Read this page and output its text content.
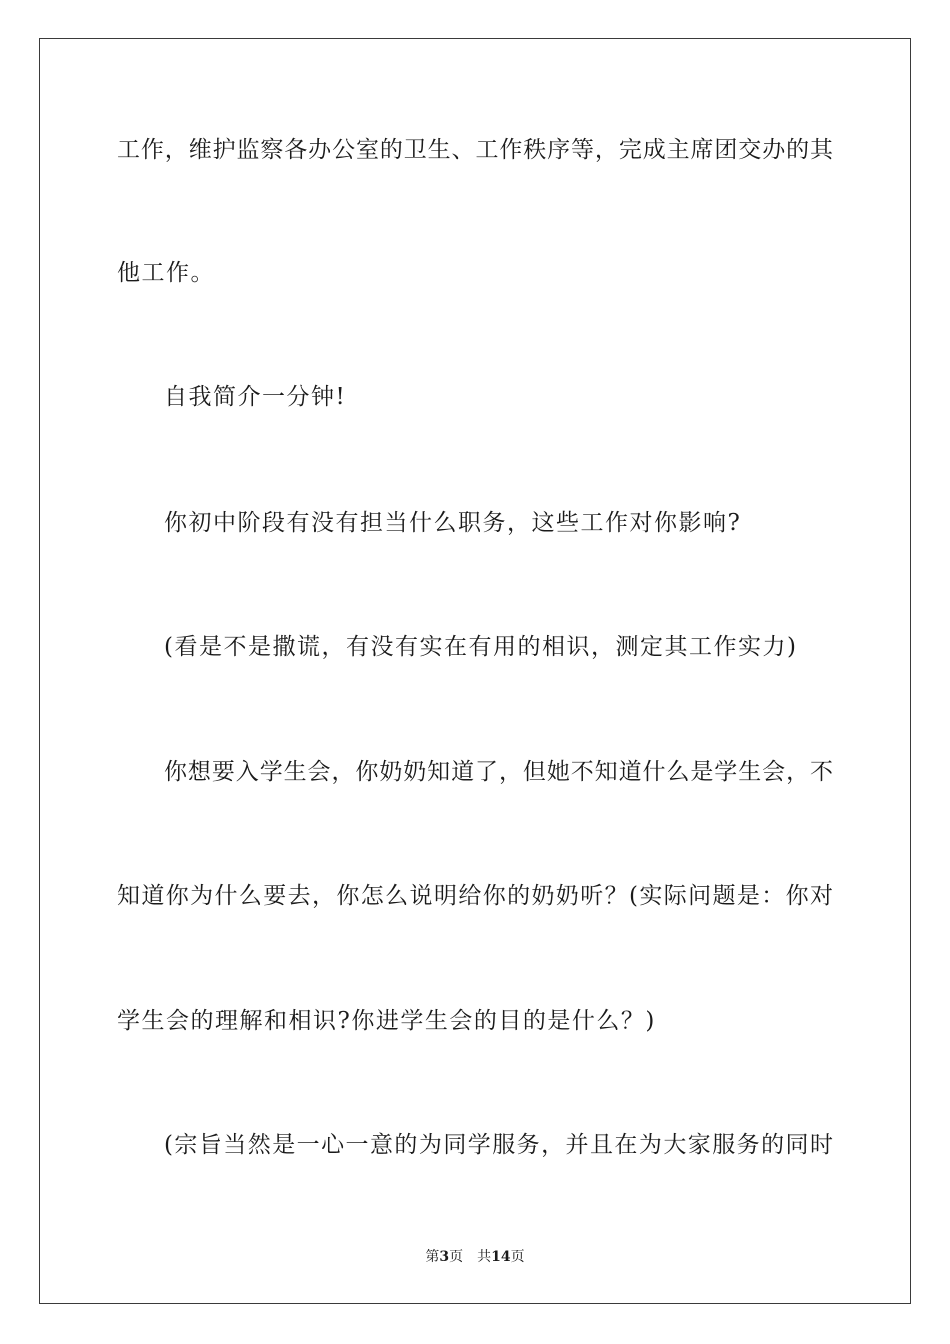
工作，维护监察各办公室的卫生、工作秩序等，完成主席团交办的其
他工作。
自我简介一分钟!
你初中阶段有没有担当什么职务，这些工作对你影响?
(看是不是撒谎，有没有实在有用的相识，测定其工作实力)
你想要入学生会，你奶奶知道了，但她不知道什么是学生会，不
知道你为什么要去，你怎么说明给你的奶奶听？(实际问题是：你对
学生会的理解和相识?你进学生会的目的是什么？)
(宗旨当然是一心一意的为同学服务，并且在为大家服务的同时
第3页 共14页
